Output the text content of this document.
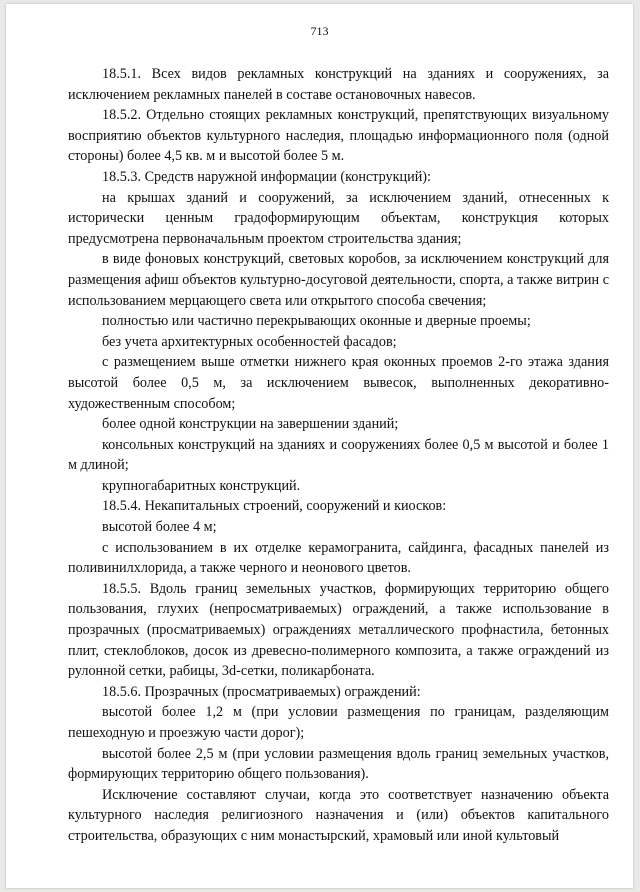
713

18.5.1. Всех видов рекламных конструкций на зданиях и сооружениях, за исключением рекламных панелей в составе остановочных навесов.

18.5.2. Отдельно стоящих рекламных конструкций, препятствующих визуальному восприятию объектов культурного наследия, площадью информационного поля (одной стороны) более 4,5 кв. м и высотой более 5 м.

18.5.3. Средств наружной информации (конструкций):

на крышах зданий и сооружений, за исключением зданий, отнесенных к исторически ценным градоформирующим объектам, конструкция которых предусмотрена первоначальным проектом строительства здания;

в виде фоновых конструкций, световых коробов, за исключением конструкций для размещения афиш объектов культурно-досуговой деятельности, спорта, а также витрин с использованием мерцающего света или открытого способа свечения;

полностью или частично перекрывающих оконные и дверные проемы;

без учета архитектурных особенностей фасадов;

с размещением выше отметки нижнего края оконных проемов 2-го этажа здания высотой более 0,5 м, за исключением вывесок, выполненных декоративно-художественным способом;

более одной конструкции на завершении зданий;

консольных конструкций на зданиях и сооружениях более 0,5 м высотой и более 1 м длиной;

крупногабаритных конструкций.

18.5.4. Некапитальных строений, сооружений и киосков:

высотой более 4 м;

с использованием в их отделке керамогранита, сайдинга, фасадных панелей из поливинилхлорида, а также черного и неонового цветов.

18.5.5. Вдоль границ земельных участков, формирующих территорию общего пользования, глухих (непросматриваемых) ограждений, а также использование в прозрачных (просматриваемых) ограждениях металлического профнастила, бетонных плит, стеклоблоков, досок из древесно-полимерного композита, а также ограждений из рулонной сетки, рабицы, 3d-сетки, поликарбоната.

18.5.6. Прозрачных (просматриваемых) ограждений:

высотой более 1,2 м (при условии размещения по границам, разделяющим пешеходную и проезжую части дорог);

высотой более 2,5 м (при условии размещения вдоль границ земельных участков, формирующих территорию общего пользования).

Исключение составляют случаи, когда это соответствует назначению объекта культурного наследия религиозного назначения и (или) объектов капитального строительства, образующих с ним монастырский, храмовый или иной культовый
